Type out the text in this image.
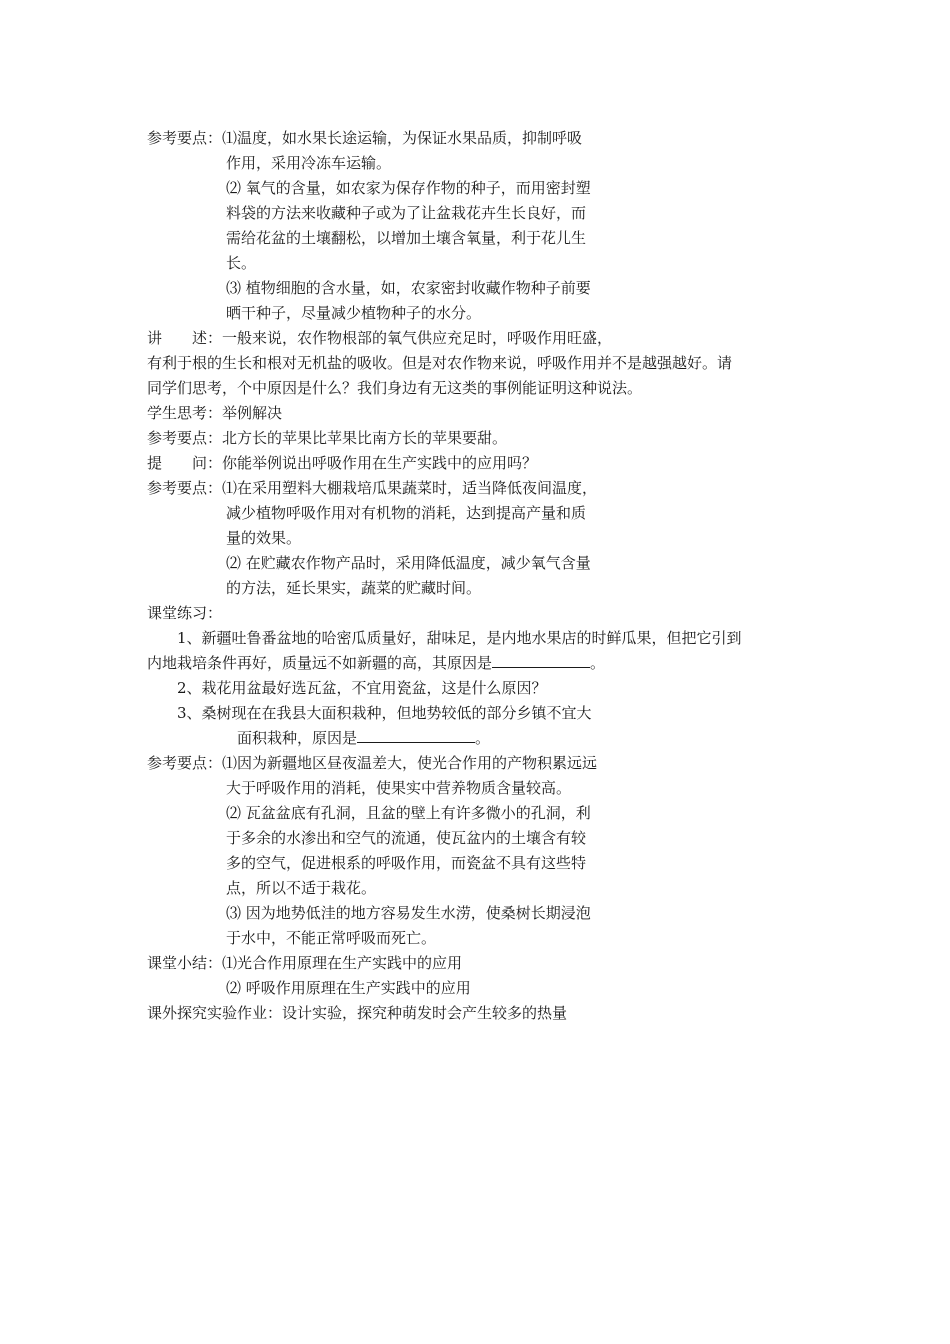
参考要点：⑴温度，如水果长途运输，为保证水果品质，抑制呼吸
作用，采用冷冻车运输。
⑵ 氧气的含量，如农家为保存作物的种子，而用密封塑
料袋的方法来收藏种子或为了让盆栽花卉生长良好，而
需给花盆的土壤翻松，以增加土壤含氧量，利于花儿生
长。
⑶ 植物细胞的含水量，如，农家密封收藏作物种子前要
晒干种子，尽量减少植物种子的水分。
讲　　述：一般来说，农作物根部的氧气供应充足时，呼吸作用旺盛，
有利于根的生长和根对无机盐的吸收。但是对农作物来说，呼吸作用并不是越强越好。请
同学们思考，个中原因是什么？我们身边有无这类的事例能证明这种说法。
学生思考：举例解决
参考要点：北方长的苹果比苹果比南方长的苹果要甜。
提　　问：你能举例说出呼吸作用在生产实践中的应用吗？
参考要点：⑴在采用塑料大棚栽培瓜果蔬菜时，适当降低夜间温度，
减少植物呼吸作用对有机物的消耗，达到提高产量和质
量的效果。
⑵ 在贮藏农作物产品时，采用降低温度，减少氧气含量
的方法，延长果实，蔬菜的贮藏时间。
课堂练习：
1、新疆吐鲁番盆地的哈密瓜质量好，甜味足，是内地水果店的时鲜瓜果，但把它引到
内地栽培条件再好，质量远不如新疆的高，其原因是	。
2、栽花用盆最好选瓦盆，不宜用瓷盆，这是什么原因？
3、桑树现在在我县大面积栽种，但地势较低的部分乡镇不宜大
面积栽种，原因是	。
参考要点：⑴因为新疆地区昼夜温差大，使光合作用的产物积累远远
大于呼吸作用的消耗，使果实中营养物质含量较高。
⑵ 瓦盆盆底有孔洞，且盆的壁上有许多微小的孔洞，利
于多余的水渗出和空气的流通，使瓦盆内的土壤含有较
多的空气，促进根系的呼吸作用，而瓷盆不具有这些特
点，所以不适于栽花。
⑶ 因为地势低洼的地方容易发生水涝，使桑树长期浸泡
于水中，不能正常呼吸而死亡。
课堂小结：⑴光合作用原理在生产实践中的应用
⑵ 呼吸作用原理在生产实践中的应用
课外探究实验作业：设计实验，探究种萌发时会产生较多的热量
